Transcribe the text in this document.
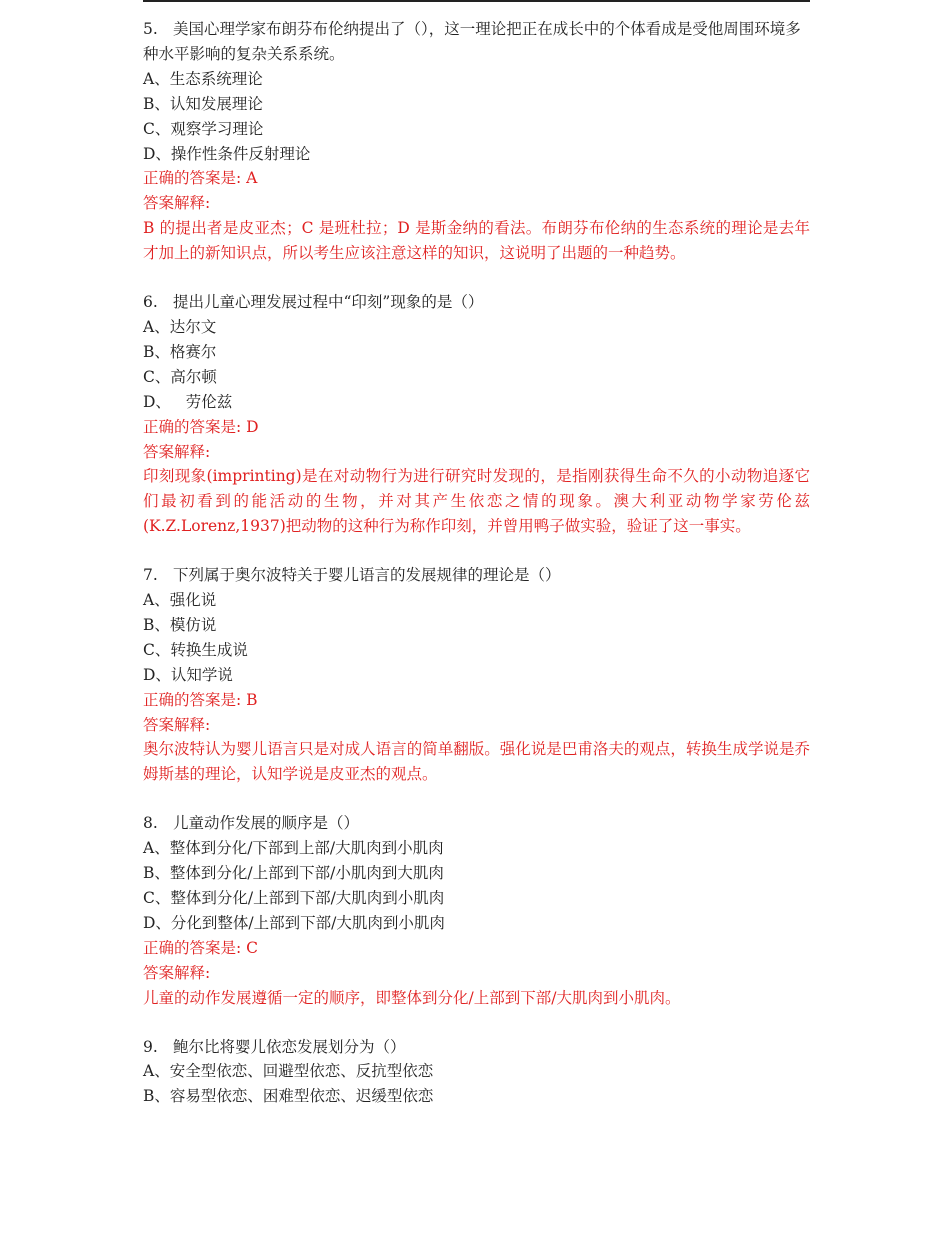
5. 美国心理学家布朗芬布伦纳提出了（），这一理论把正在成长中的个体看成是受他周围环境多种水平影响的复杂关系系统。
A、生态系统理论
B、认知发展理论
C、观察学习理论
D、操作性条件反射理论
正确的答案是: A
答案解释:
B 的提出者是皮亚杰；C 是班杜拉；D 是斯金纳的看法。布朗芬布伦纳的生态系统的理论是去年才加上的新知识点，所以考生应该注意这样的知识，这说明了出题的一种趋势。
6. 提出儿童心理发展过程中“印刻”现象的是（）
A、达尔文
B、格赛尔
C、高尔顿
D、   劳伦兹
正确的答案是: D
答案解释:
印刻现象(imprinting)是在对动物行为进行研究时发现的，是指刚获得生命不久的小动物追逐它们最初看到的能活动的生物，并对其产生依恋之情的现象。澳大利亚动物学家劳伦兹(K.Z.Lorenz,1937)把动物的这种行为称作印刻，并曾用鸭子做实验，验证了这一事实。
7. 下列属于奥尔波特关于婴儿语言的发展规律的理论是（）
A、强化说
B、模仿说
C、转换生成说
D、认知学说
正确的答案是: B
答案解释:
奥尔波特认为婴儿语言只是对成人语言的简单翻版。强化说是巴甫洛夫的观点，转换生成学说是乔姆斯基的理论，认知学说是皮亚杰的观点。
8. 儿童动作发展的顺序是（）
A、整体到分化/下部到上部/大肌肉到小肌肉
B、整体到分化/上部到下部/小肌肉到大肌肉
C、整体到分化/上部到下部/大肌肉到小肌肉
D、分化到整体/上部到下部/大肌肉到小肌肉
正确的答案是: C
答案解释:
儿童的动作发展遵循一定的顺序，即整体到分化/上部到下部/大肌肉到小肌肉。
9. 鲍尔比将婴儿依恋发展划分为（）
A、安全型依恋、回避型依恋、反抗型依恋
B、容易型依恋、困难型依恋、迟缓型依恋
